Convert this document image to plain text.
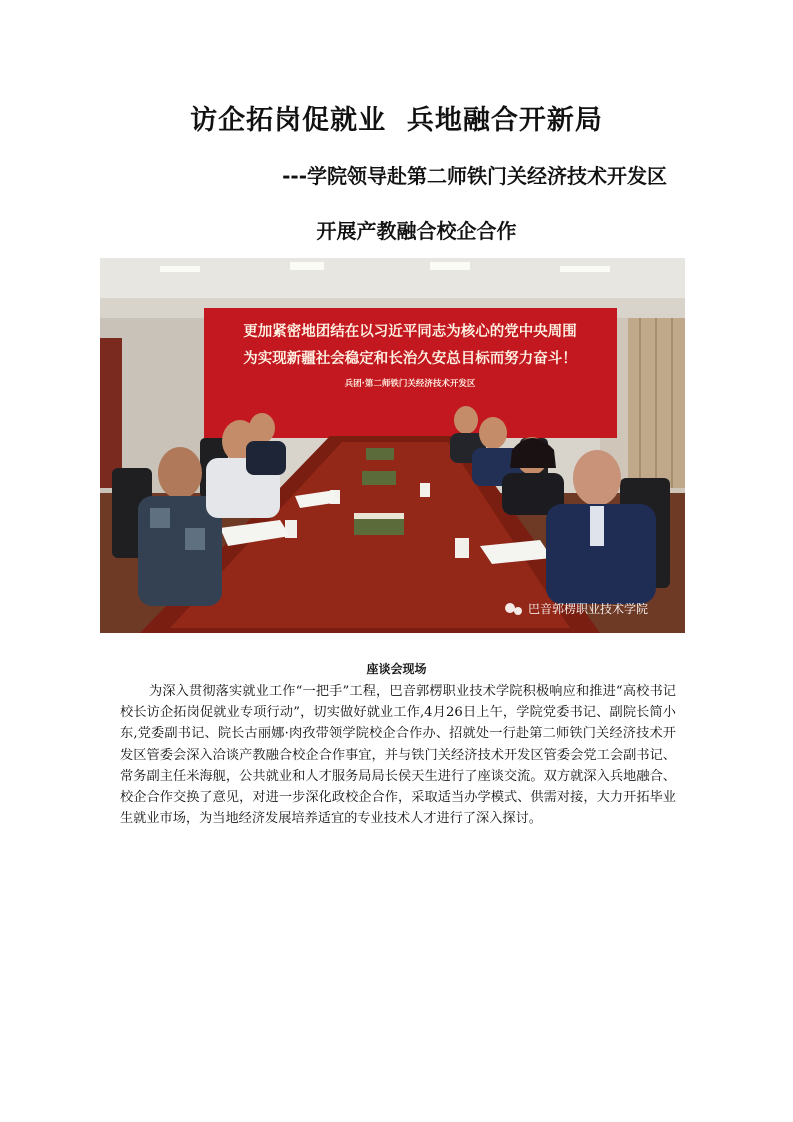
访企拓岗促就业  兵地融合开新局
---学院领导赴第二师铁门关经济技术开发区
开展产教融合校企合作
更加紧密地团结在以习近平同志为核心的党中央周围
为实现新疆社会稳定和长治久安总目标而努力奋斗！
兵团·第二师铁门关经济技术开发区
巴音郭楞职业技术学院
座谈会现场

为深入贯彻落实就业工作“一把手”工程，巴音郭楞职业技术学院积极响应和推进“高校书记校长访企拓岗促就业专项行动”，切实做好就业工作,4月26日上午，学院党委书记、副院长简小东,党委副书记、院长古丽娜·肉孜带领学院校企合作办、招就处一行赴第二师铁门关经济技术开发区管委会深入洽谈产教融合校企合作事宜，并与铁门关经济技术开发区管委会党工会副书记、常务副主任米海舰，公共就业和人才服务局局长侯天生进行了座谈交流。双方就深入兵地融合、校企合作交换了意见，对进一步深化政校企合作，采取适当办学模式、供需对接，大力开拓毕业生就业市场，为当地经济发展培养适宜的专业技术人才进行了深入探讨。
